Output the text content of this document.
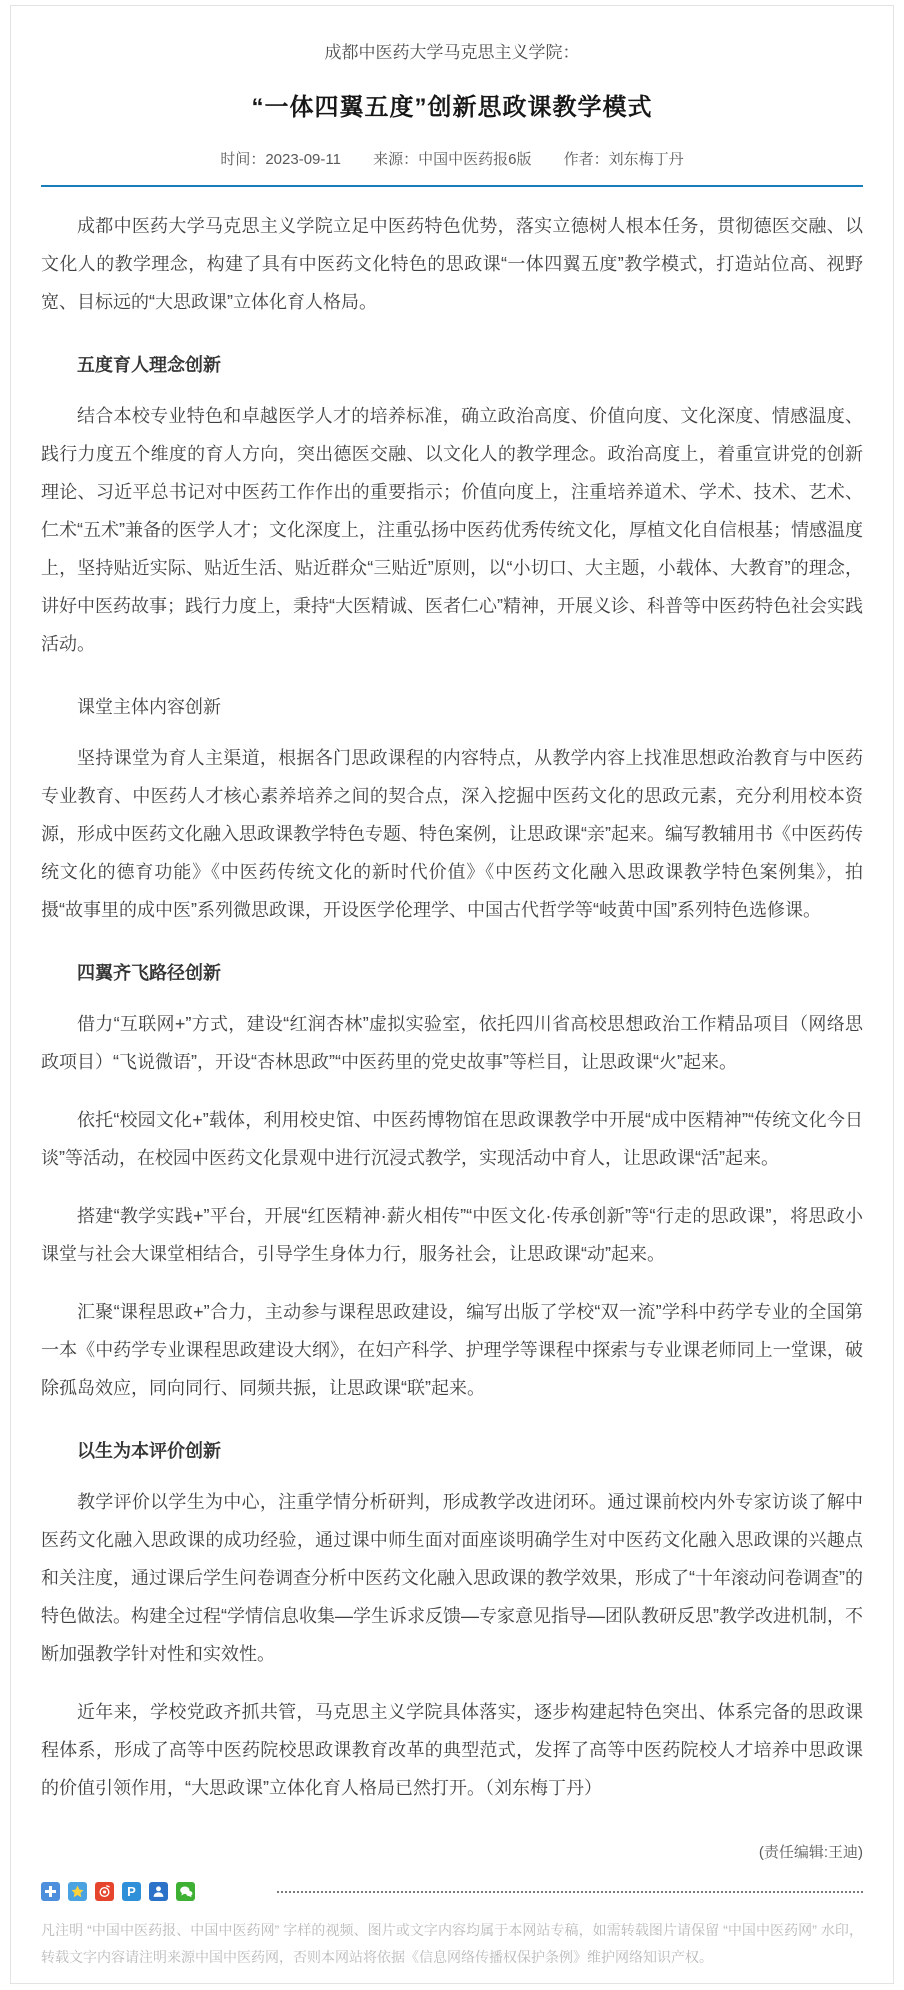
成都中医药大学马克思主义学院：
“一体四翼五度”创新思政课教学模式
时间：2023-09-11 来源：中国中医药报6版 作者：刘东梅丁丹

成都中医药大学马克思主义学院立足中医药特色优势，落实立德树人根本任务，贯彻德医交融、以文化人的教学理念，构建了具有中医药文化特色的思政课“一体四翼五度”教学模式，打造站位高、视野宽、目标远的“大思政课”立体化育人格局。

五度育人理念创新

结合本校专业特色和卓越医学人才的培养标准，确立政治高度、价值向度、文化深度、情感温度、践行力度五个维度的育人方向，突出德医交融、以文化人的教学理念。政治高度上，着重宣讲党的创新理论、习近平总书记对中医药工作作出的重要指示；价值向度上，注重培养道术、学术、技术、艺术、仁术“五术”兼备的医学人才；文化深度上，注重弘扬中医药优秀传统文化，厚植文化自信根基；情感温度上，坚持贴近实际、贴近生活、贴近群众“三贴近”原则，以“小切口、大主题，小载体、大教育”的理念，讲好中医药故事；践行力度上，秉持“大医精诚、医者仁心”精神，开展义诊、科普等中医药特色社会实践活动。

课堂主体内容创新

坚持课堂为育人主渠道，根据各门思政课程的内容特点，从教学内容上找准思想政治教育与中医药专业教育、中医药人才核心素养培养之间的契合点，深入挖掘中医药文化的思政元素，充分利用校本资源，形成中医药文化融入思政课教学特色专题、特色案例，让思政课“亲”起来。编写教辅用书《中医药传统文化的德育功能》《中医药传统文化的新时代价值》《中医药文化融入思政课教学特色案例集》，拍摄“故事里的成中医”系列微思政课，开设医学伦理学、中国古代哲学等“岐黄中国”系列特色选修课。

四翼齐飞路径创新

借力“互联网+”方式，建设“红润杏林”虚拟实验室，依托四川省高校思想政治工作精品项目（网络思政项目）“飞说微语”，开设“杏林思政”“中医药里的党史故事”等栏目，让思政课“火”起来。

依托“校园文化+”载体，利用校史馆、中医药博物馆在思政课教学中开展“成中医精神”“传统文化今日谈”等活动，在校园中医药文化景观中进行沉浸式教学，实现活动中育人，让思政课“活”起来。

搭建“教学实践+”平台，开展“红医精神·薪火相传”“中医文化·传承创新”等“行走的思政课”，将思政小课堂与社会大课堂相结合，引导学生身体力行，服务社会，让思政课“动”起来。

汇聚“课程思政+”合力，主动参与课程思政建设，编写出版了学校“双一流”学科中药学专业的全国第一本《中药学专业课程思政建设大纲》，在妇产科学、护理学等课程中探索与专业课老师同上一堂课，破除孤岛效应，同向同行、同频共振，让思政课“联”起来。

以生为本评价创新

教学评价以学生为中心，注重学情分析研判，形成教学改进闭环。通过课前校内外专家访谈了解中医药文化融入思政课的成功经验，通过课中师生面对面座谈明确学生对中医药文化融入思政课的兴趣点和关注度，通过课后学生问卷调查分析中医药文化融入思政课的教学效果，形成了“十年滚动问卷调查”的特色做法。构建全过程“学情信息收集—学生诉求反馈—专家意见指导—团队教研反思”教学改进机制，不断加强教学针对性和实效性。

近年来，学校党政齐抓共管，马克思主义学院具体落实，逐步构建起特色突出、体系完备的思政课程体系，形成了高等中医药院校思政课教育改革的典型范式，发挥了高等中医药院校人才培养中思政课的价值引领作用，“大思政课”立体化育人格局已然打开。（刘东梅丁丹）

(责任编辑:王迪)
P
凡注明 “中国中医药报、中国中医药网” 字样的视频、图片或文字内容均属于本网站专稿，如需转载图片请保留 “中国中医药网” 水印，转载文字内容请注明来源中国中医药网，否则本网站将依据《信息网络传播权保护条例》维护网络知识产权。
